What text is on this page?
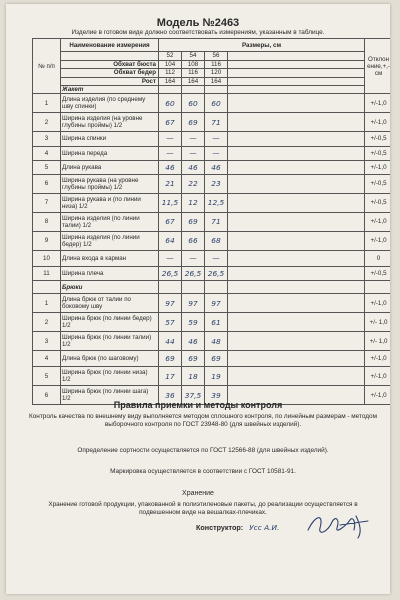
Модель №2463
Изделие в готовом виде должно соответствовать измерениям, указанным в таблице.
№ п/п	Наименование измерения	Размеры, см				Отклон ение,+,- см
		52	54	56		
	Обхват бюста	104	108	116		
	Обхват бедер	112	116	120		
	Рост	164	164	164		
	Жакет					
1	Длина изделия (по среднему шву спинки)	60	60	60		+/-1,0
2	Ширина изделия (на уровне глубины проймы) 1/2	67	69	71		+/-1,0
3	Ширина спинки	—	—	—		+/-0,5
4	Ширина переда	—	—	—		+/-0,5
5	Длина рукава	46	46	46		+/-1,0
6	Ширина рукава (на уровне глубины проймы) 1/2	21	22	23		+/-0,5
7	Ширина рукава и (по линии низа) 1/2	11,5	12	12,5		+/-0,5
8	Ширина изделия (по линии талии) 1/2	67	69	71		+/-1,0
9	Ширина изделия (по линии бедер) 1/2	64	66	68		+/-1,0
10	Длина входа в карман	—	—	—		0
11	Ширина плеча	26,5	26,5	26,5		+/-0,5
	Брюки					
1	Длина брюк от талии по боковому шву	97	97	97		+/-1,0
2	Ширина брюк (по линии бедер) 1/2	57	59	61		+/- 1,0
3	Ширина брюк (по линии талии) 1/2	44	46	48		+/- 1,0
4	Длина брюк (по шаговому)	69	69	69		+/-1,0
5	Ширина брюк (по линии низа) 1/2	17	18	19		+/-1,0
6	Ширина брюк (по линии шага) 1/2	36	37,5	39		+/-1,0
Правила приемки и методы контроля
Контроль качества по внешнему виду выполняется методом сплошного контроля, по линейным размерам - методом выборочного контроля по ГОСТ 23948-80 (для швейных изделий).
Определение сортности осуществляется по ГОСТ 12566-88 (для швейных изделий).
Маркировка осуществляется в соответствии с ГОСТ 10581-91.
Хранение
Хранение готовой продукции, упакованной в полиэтиленовые пакеты, до реализации осуществляется в подвешенном виде на вешалках-плечиках.
Конструктор: Усс А.И.
